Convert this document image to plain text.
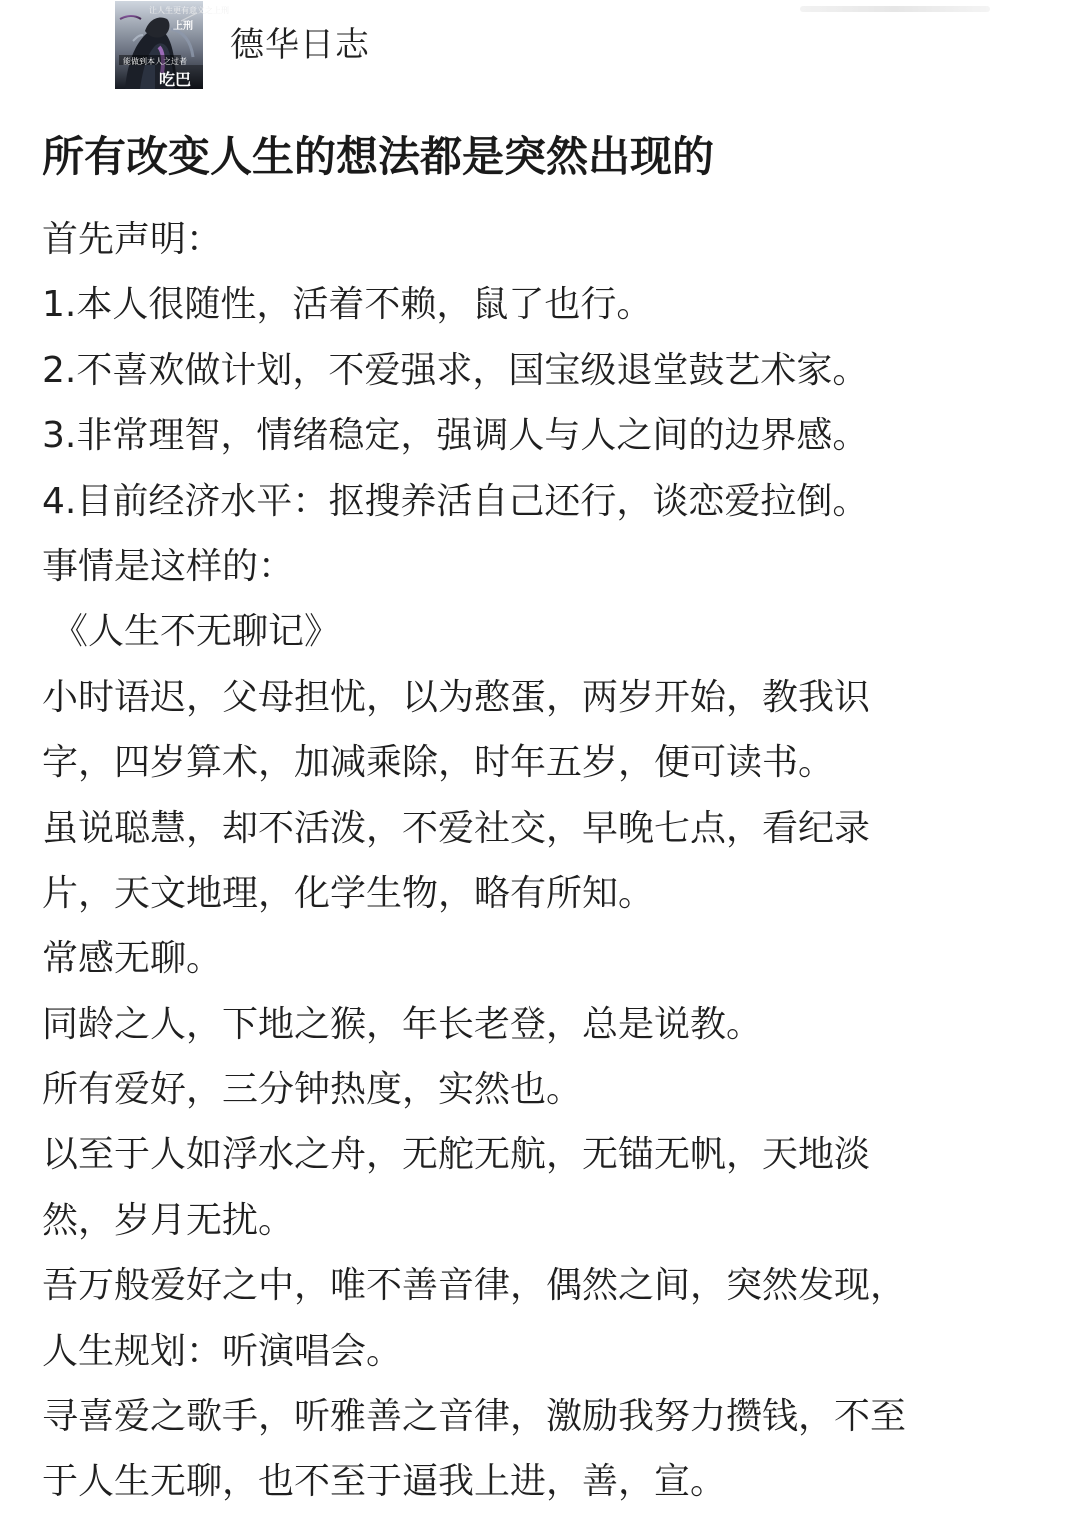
让人生更有意义之上刑
上刑
能做到本人之过者
吃巴
德华日志
所有改变人生的想法都是突然出现的
首先声明：
1.本人很随性，活着不赖，鼠了也行。
2.不喜欢做计划，不爱强求，国宝级退堂鼓艺术家。
3.非常理智，情绪稳定，强调人与人之间的边界感。
4.目前经济水平：抠搜养活自己还行，谈恋爱拉倒。
事情是这样的：
《人生不无聊记》
小时语迟，父母担忧，以为憨蛋，两岁开始，教我识
字，四岁算术，加减乘除，时年五岁，便可读书。
虽说聪慧，却不活泼，不爱社交，早晚七点，看纪录
片，天文地理，化学生物，略有所知。
常感无聊。
同龄之人，下地之猴，年长老登，总是说教。
所有爱好，三分钟热度，实然也。
以至于人如浮水之舟，无舵无航，无锚无帆，天地淡
然，岁月无扰。
吾万般爱好之中，唯不善音律，偶然之间，突然发现，
人生规划：听演唱会。
寻喜爱之歌手，听雅善之音律，激励我努力攒钱，不至
于人生无聊，也不至于逼我上进，善，宣。
